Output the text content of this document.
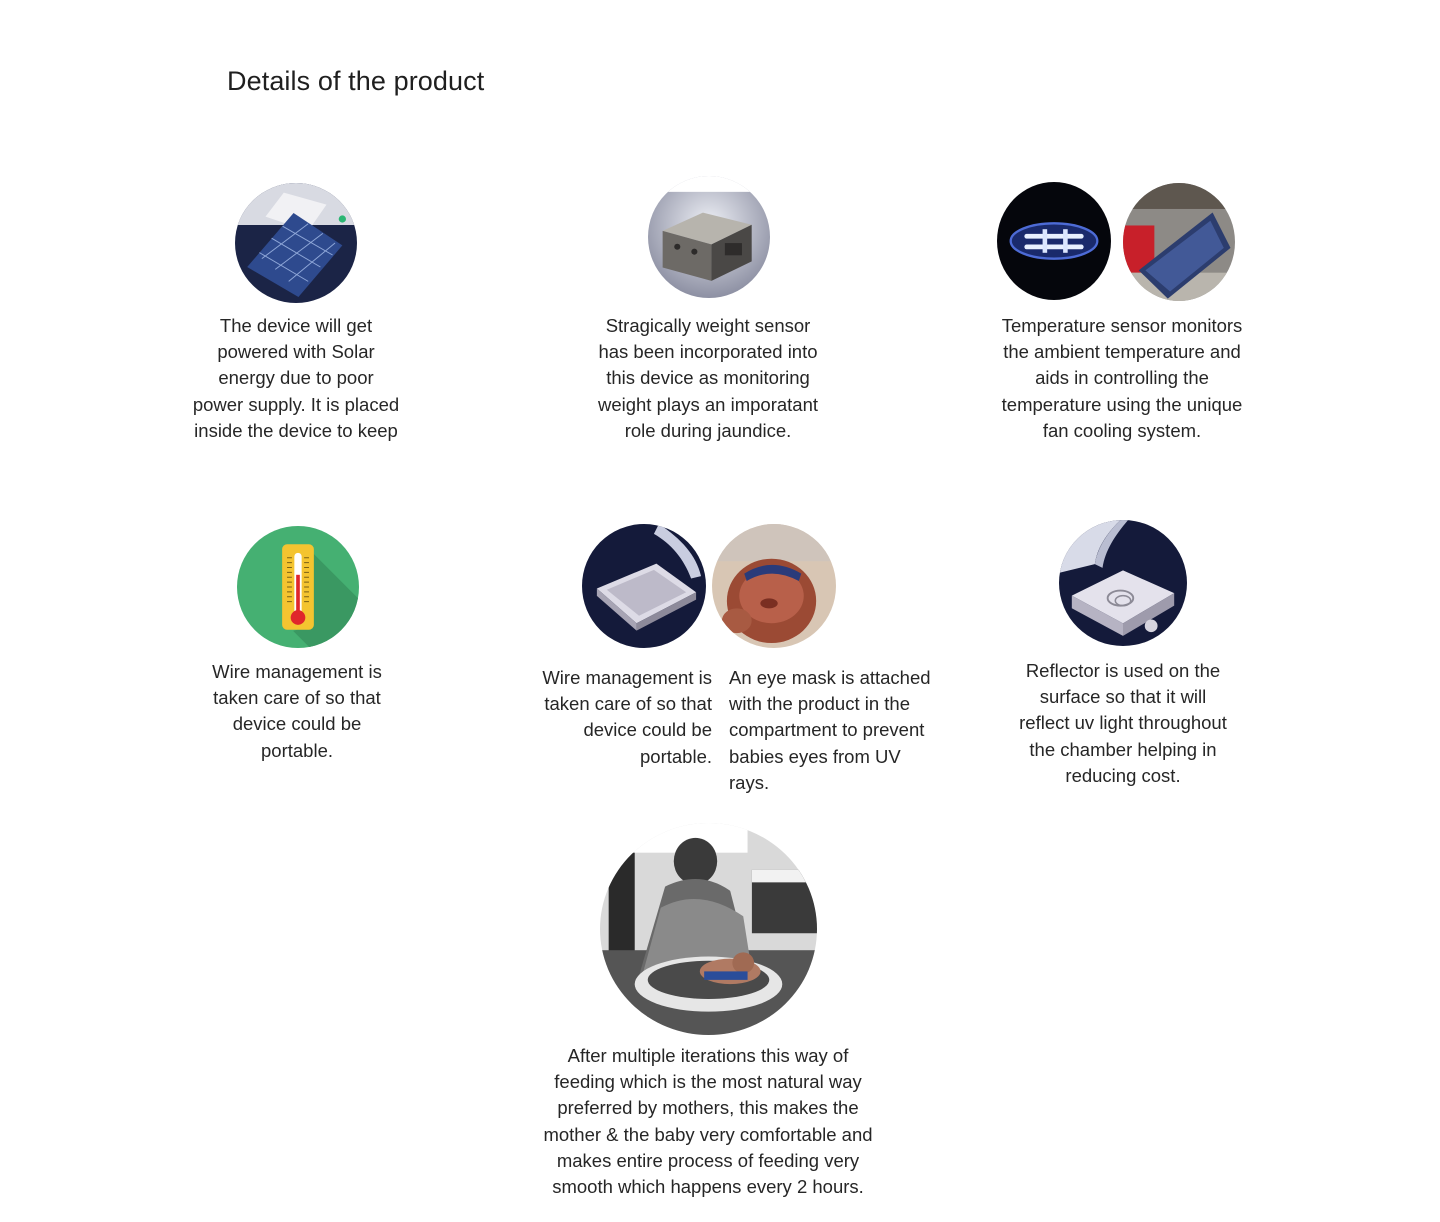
Details of the product
The device will get
powered with Solar
energy due to poor
power supply. It is placed
inside the device to keep
Stragically weight sensor
has been incorporated into
this device as monitoring
weight plays an imporatant
role during jaundice.
Temperature sensor monitors
the ambient temperature and
aids in controlling the
temperature using the unique
fan cooling system.
Wire management is
taken care of so that
device could be
portable.
Wire management is
taken care of so that
device could be
portable.
An eye mask is attached
with the product in the
compartment to prevent
babies eyes from UV
rays.
Reflector is used on the
surface so that it will
reflect uv light throughout
the chamber helping in
reducing cost.
After multiple iterations this way of
feeding which is the most natural way
preferred by mothers, this makes the
mother & the baby very comfortable and
makes entire process of feeding very
smooth which happens every 2 hours.
